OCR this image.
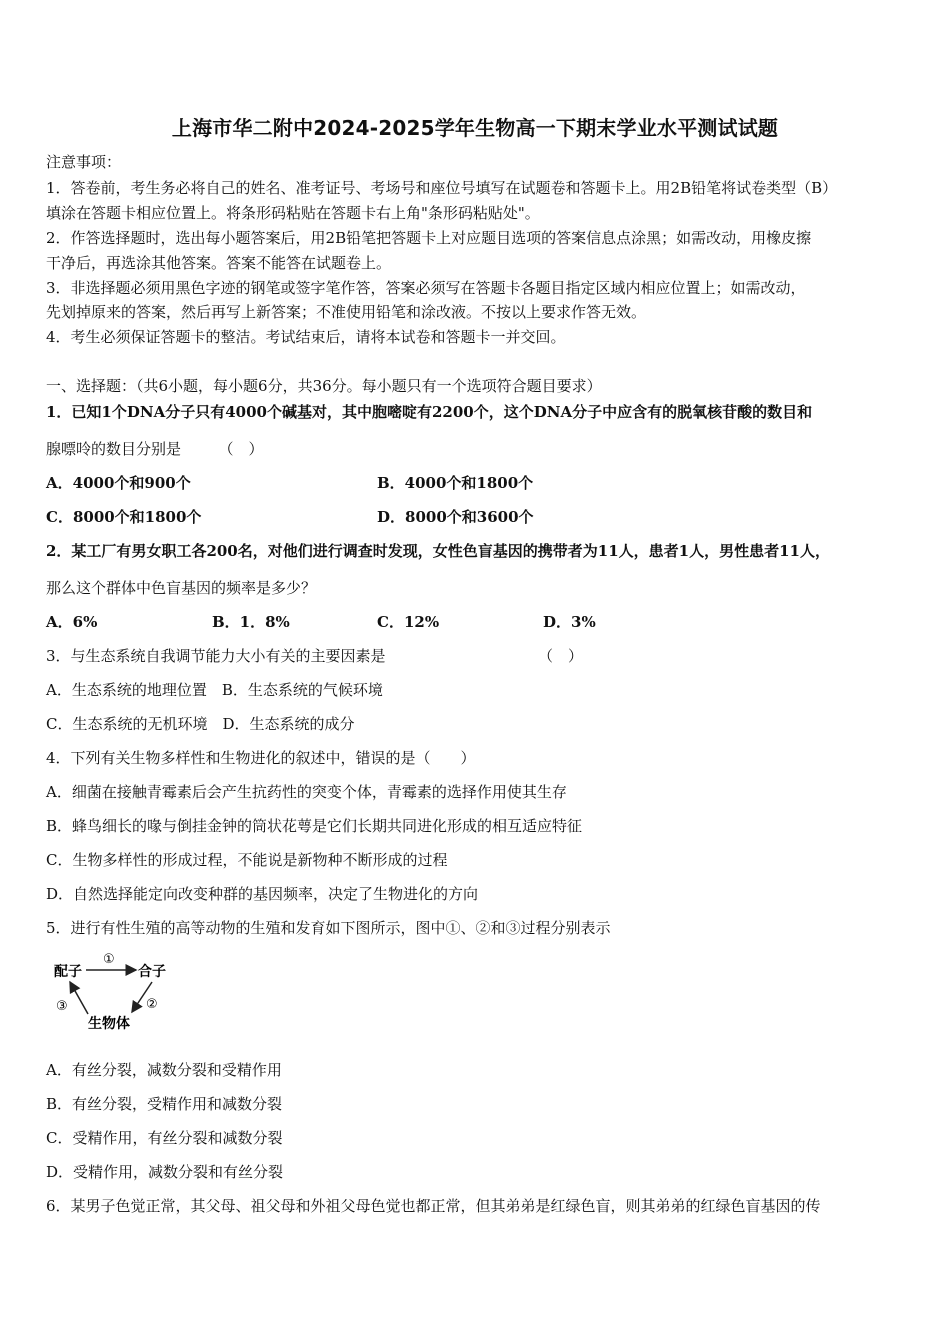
上海市华二附中2024-2025学年生物高一下期末学业水平测试试题
注意事项：
1．答卷前，考生务必将自己的姓名、准考证号、考场号和座位号填写在试题卷和答题卡上。用2B铅笔将试卷类型（B）
填涂在答题卡相应位置上。将条形码粘贴在答题卡右上角"条形码粘贴处"。
2．作答选择题时，选出每小题答案后，用2B铅笔把答题卡上对应题目选项的答案信息点涂黑；如需改动，用橡皮擦
干净后，再选涂其他答案。答案不能答在试题卷上。
3．非选择题必须用黑色字迹的钢笔或签字笔作答，答案必须写在答题卡各题目指定区域内相应位置上；如需改动，
先划掉原来的答案，然后再写上新答案；不准使用铅笔和涂改液。不按以上要求作答无效。
4．考生必须保证答题卡的整洁。考试结束后，请将本试卷和答题卡一并交回。
一、选择题：（共6小题，每小题6分，共36分。每小题只有一个选项符合题目要求）
1．已知1个DNA分子只有4000个碱基对，其中胞嘧啶有2200个，这个DNA分子中应含有的脱氧核苷酸的数目和
腺嘌呤的数目分别是　　　（　）
A．4000个和900个	B．4000个和1800个
C．8000个和1800个	D．8000个和3600个
2．某工厂有男女职工各200名，对他们进行调查时发现，女性色盲基因的携带者为11人，患者1人，男性患者11人，
那么这个群体中色盲基因的频率是多少？
A．6%	B．1．8%	C．12%	D．3%
3．与生态系统自我调节能力大小有关的主要因素是	（　）
A．生态系统的地理位置　B．生态系统的气候环境
C．生态系统的无机环境　D．生态系统的成分
4．下列有关生物多样性和生物进化的叙述中，错误的是（　　）
A．细菌在接触青霉素后会产生抗药性的突变个体，青霉素的选择作用使其生存
B．蜂鸟细长的喙与倒挂金钟的筒状花萼是它们长期共同进化形成的相互适应特征
C．生物多样性的形成过程，不能说是新物种不断形成的过程
D．自然选择能定向改变种群的基因频率，决定了生物进化的方向
5．进行有性生殖的高等动物的生殖和发育如下图所示，图中①、②和③过程分别表示
配子	合子
生物体
①
②
③
A．有丝分裂，减数分裂和受精作用
B．有丝分裂，受精作用和减数分裂
C．受精作用，有丝分裂和减数分裂
D．受精作用，减数分裂和有丝分裂
6．某男子色觉正常，其父母、祖父母和外祖父母色觉也都正常，但其弟弟是红绿色盲，则其弟弟的红绿色盲基因的传
